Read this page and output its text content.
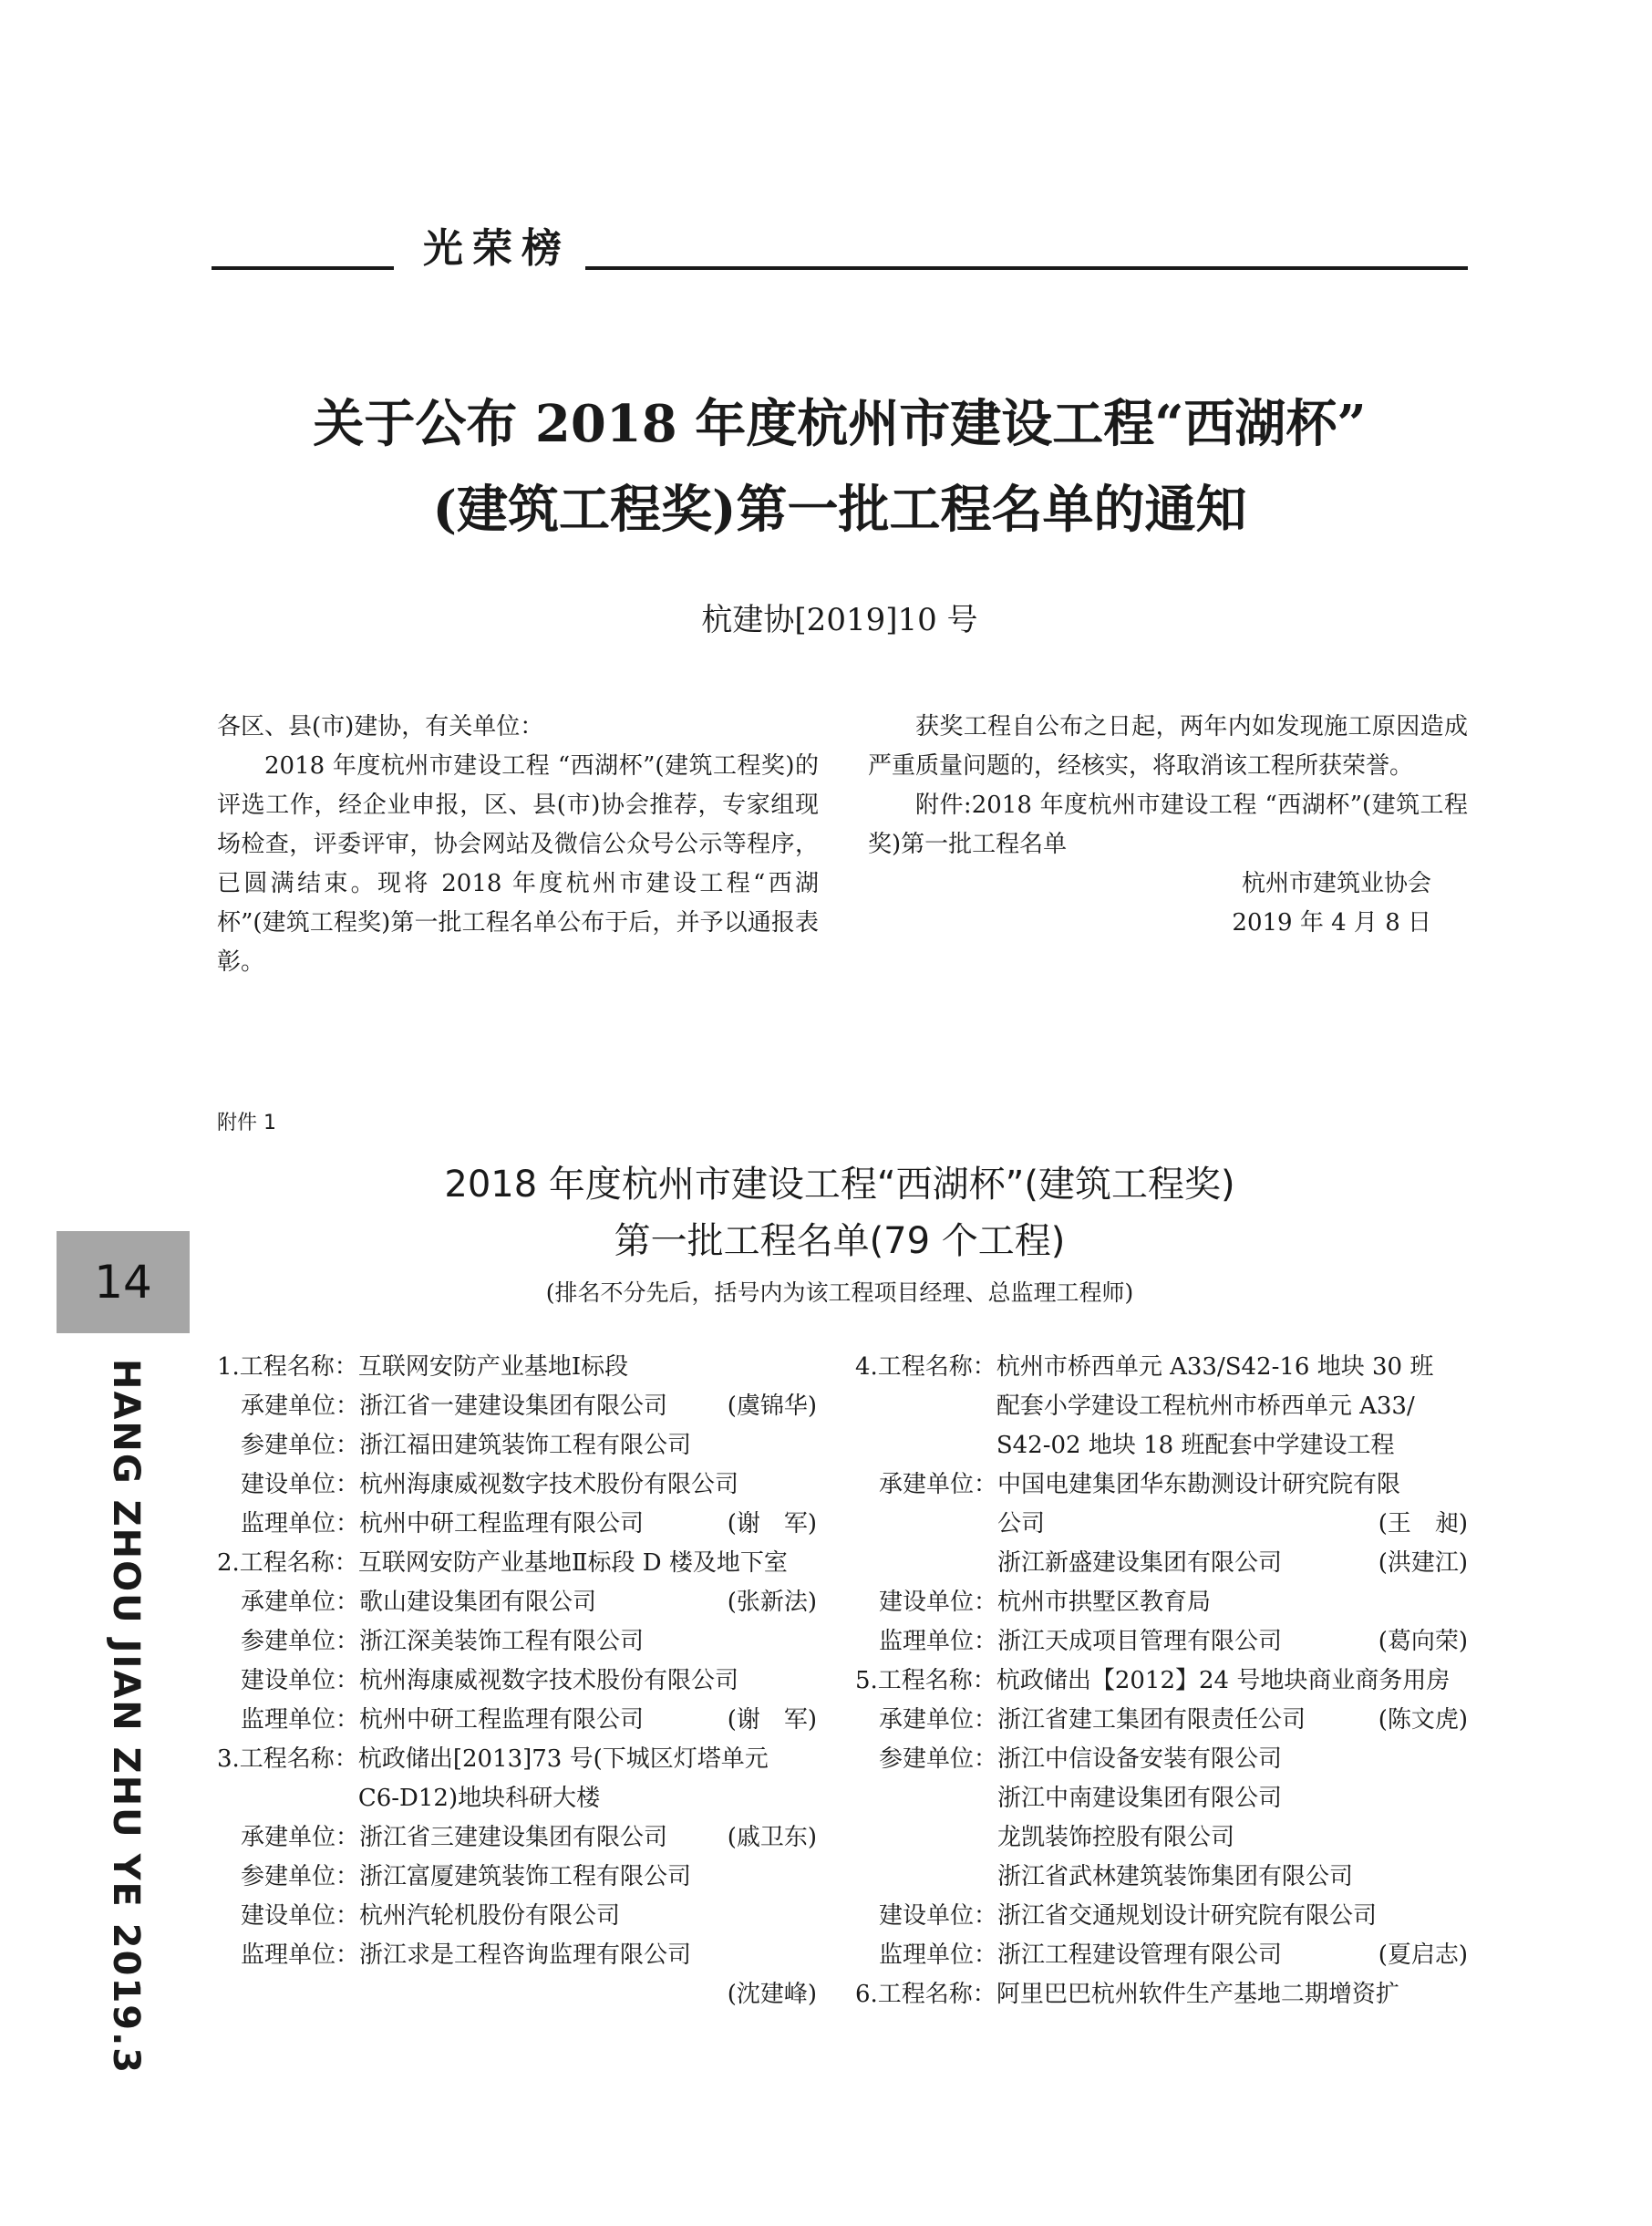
光荣榜
关于公布 2018 年度杭州市建设工程“西湖杯”
(建筑工程奖)第一批工程名单的通知
杭建协[2019]10 号

各区、县(市)建协，有关单位：

2018 年度杭州市建设工程 “西湖杯”(建筑工程奖)的评选工作，经企业申报，区、县(市)协会推荐，专家组现场检查，评委评审，协会网站及微信公众号公示等程序，已圆满结束。现将 2018 年度杭州市建设工程“西湖杯”(建筑工程奖)第一批工程名单公布于后，并予以通报表彰。

获奖工程自公布之日起，两年内如发现施工原因造成严重质量问题的，经核实，将取消该工程所获荣誉。

附件:2018 年度杭州市建设工程 “西湖杯”(建筑工程奖)第一批工程名单

杭州市建筑业协会

2019 年 4 月 8 日

附件 1
2018 年度杭州市建设工程“西湖杯”(建筑工程奖)
第一批工程名单(79 个工程)
(排名不分先后，括号内为该工程项目经理、总监理工程师)
14
HANG ZHOU JIAN ZHU YE 2019.3	1.工程名称： 互联网安防产业基地Ⅰ标段
承建单位： 浙江省一建建设集团有限公司	(虞锦华)
参建单位： 浙江福田建筑装饰工程有限公司
建设单位： 杭州海康威视数字技术股份有限公司
监理单位： 杭州中研工程监理有限公司	(谢　军)
2.工程名称： 互联网安防产业基地Ⅱ标段 D 楼及地下室
承建单位： 歌山建设集团有限公司	(张新法)
参建单位： 浙江深美装饰工程有限公司
建设单位： 杭州海康威视数字技术股份有限公司
监理单位： 杭州中研工程监理有限公司	(谢　军)
3.工程名称： 杭政储出[2013]73 号(下城区灯塔单元
C6-D12)地块科研大楼
承建单位： 浙江省三建建设集团有限公司	(戚卫东)
参建单位： 浙江富厦建筑装饰工程有限公司
建设单位： 杭州汽轮机股份有限公司
监理单位： 浙江求是工程咨询监理有限公司
(沈建峰)
4.工程名称： 杭州市桥西单元 A33/S42-16 地块 30 班
配套小学建设工程杭州市桥西单元 A33/
S42-02 地块 18 班配套中学建设工程
承建单位： 中国电建集团华东勘测设计研究院有限
公司	(王　昶)
浙江新盛建设集团有限公司	(洪建江)
建设单位： 杭州市拱墅区教育局
监理单位： 浙江天成项目管理有限公司	(葛向荣)
5.工程名称： 杭政储出【2012】24 号地块商业商务用房
承建单位： 浙江省建工集团有限责任公司	(陈文虎)
参建单位： 浙江中信设备安装有限公司
浙江中南建设集团有限公司
龙凯装饰控股有限公司
浙江省武林建筑装饰集团有限公司
建设单位： 浙江省交通规划设计研究院有限公司
监理单位： 浙江工程建设管理有限公司	(夏启志)
6.工程名称： 阿里巴巴杭州软件生产基地二期增资扩
